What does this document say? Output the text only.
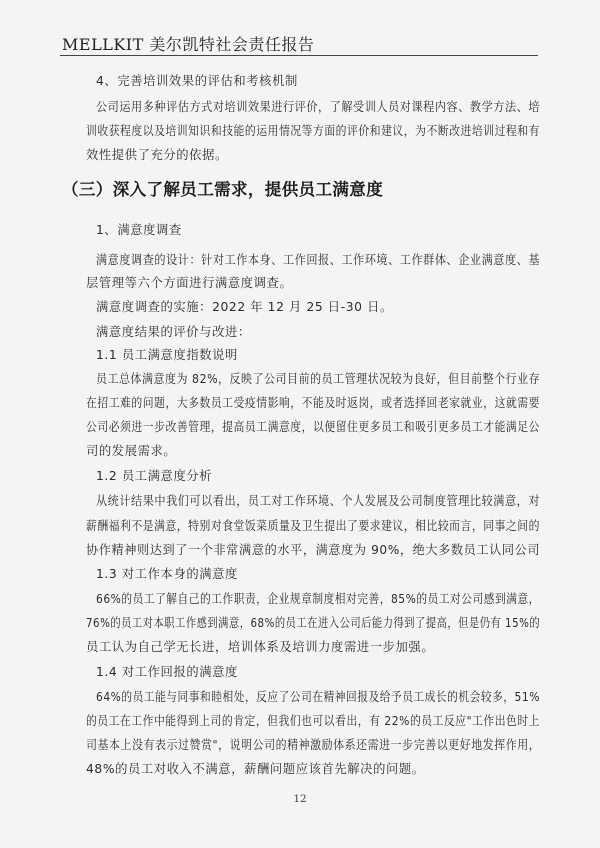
MELLKIT 美尔凯特社会责任报告
4、完善培训效果的评估和考核机制
公司运用多种评估方式对培训效果进行评价，了解受训人员对课程内容、教学方法、培
训收获程度以及培训知识和技能的运用情况等方面的评价和建议，为不断改进培训过程和有
效性提供了充分的依据。
（三）深入了解员工需求，提供员工满意度
1、满意度调查
满意度调查的设计：针对工作本身、工作回报、工作环境、工作群体、企业满意度、基
层管理等六个方面进行满意度调查。
满意度调查的实施：2022 年 12 月 25 日-30 日。
满意度结果的评价与改进：
1.1 员工满意度指数说明
员工总体满意度为 82%，反映了公司目前的员工管理状况较为良好，但目前整个行业存
在招工难的问题，大多数员工受疫情影响，不能及时返岗，或者选择回老家就业，这就需要
公司必须进一步改善管理，提高员工满意度，以便留住更多员工和吸引更多员工才能满足公
司的发展需求。
1.2 员工满意度分析
从统计结果中我们可以看出，员工对工作环境、个人发展及公司制度管理比较满意，对
薪酬福利不是满意，特别对食堂饭菜质量及卫生提出了要求建议，相比较而言，同事之间的
协作精神则达到了一个非常满意的水平，满意度为 90%，绝大多数员工认同公司
1.3 对工作本身的满意度
66%的员工了解自己的工作职责，企业规章制度相对完善，85%的员工对公司感到满意，
76%的员工对本职工作感到满意，68%的员工在进入公司后能力得到了提高，但是仍有 15%的
员工认为自己学无长进，培训体系及培训力度需进一步加强。
1.4 对工作回报的满意度
64%的员工能与同事和睦相处，反应了公司在精神回报及给予员工成长的机会较多，51%
的员工在工作中能得到上司的肯定，但我们也可以看出，有 22%的员工反应"工作出色时上
司基本上没有表示过赞赏"，说明公司的精神激励体系还需进一步完善以更好地发挥作用，
48%的员工对收入不满意，薪酬问题应该首先解决的问题。
12
